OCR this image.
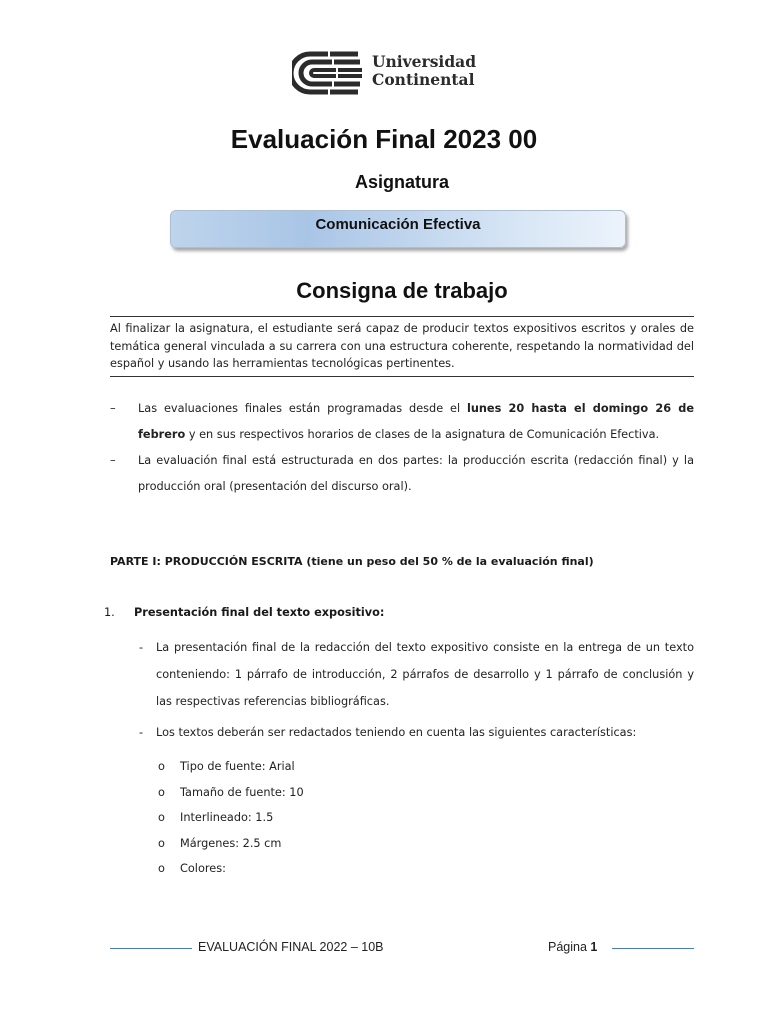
Universidad
Continental
Evaluación Final 2023 00
Asignatura
Comunicación Efectiva
Consigna de trabajo
Al finalizar la asignatura, el estudiante será capaz de producir textos expositivos escritos y orales de temática general vinculada a su carrera con una estructura coherente, respetando la normatividad del español y usando las herramientas tecnológicas pertinentes.
– Las evaluaciones finales están programadas desde el lunes 20 hasta el domingo 26 de febrero y en sus respectivos horarios de clases de la asignatura de Comunicación Efectiva.
– La evaluación final está estructurada en dos partes: la producción escrita (redacción final) y la producción oral (presentación del discurso oral).
PARTE I: PRODUCCIÓN ESCRITA (tiene un peso del 50 % de la evaluación final)
1. Presentación final del texto expositivo:
- La presentación final de la redacción del texto expositivo consiste en la entrega de un texto conteniendo: 1 párrafo de introducción, 2 párrafos de desarrollo y 1 párrafo de conclusión y las respectivas referencias bibliográficas.
- Los textos deberán ser redactados teniendo en cuenta las siguientes características:
o Tipo de fuente: Arial
o Tamaño de fuente: 10
o Interlineado: 1.5
o Márgenes: 2.5 cm
o Colores:
EVALUACIÓN FINAL 2022 – 10B	Página 1
